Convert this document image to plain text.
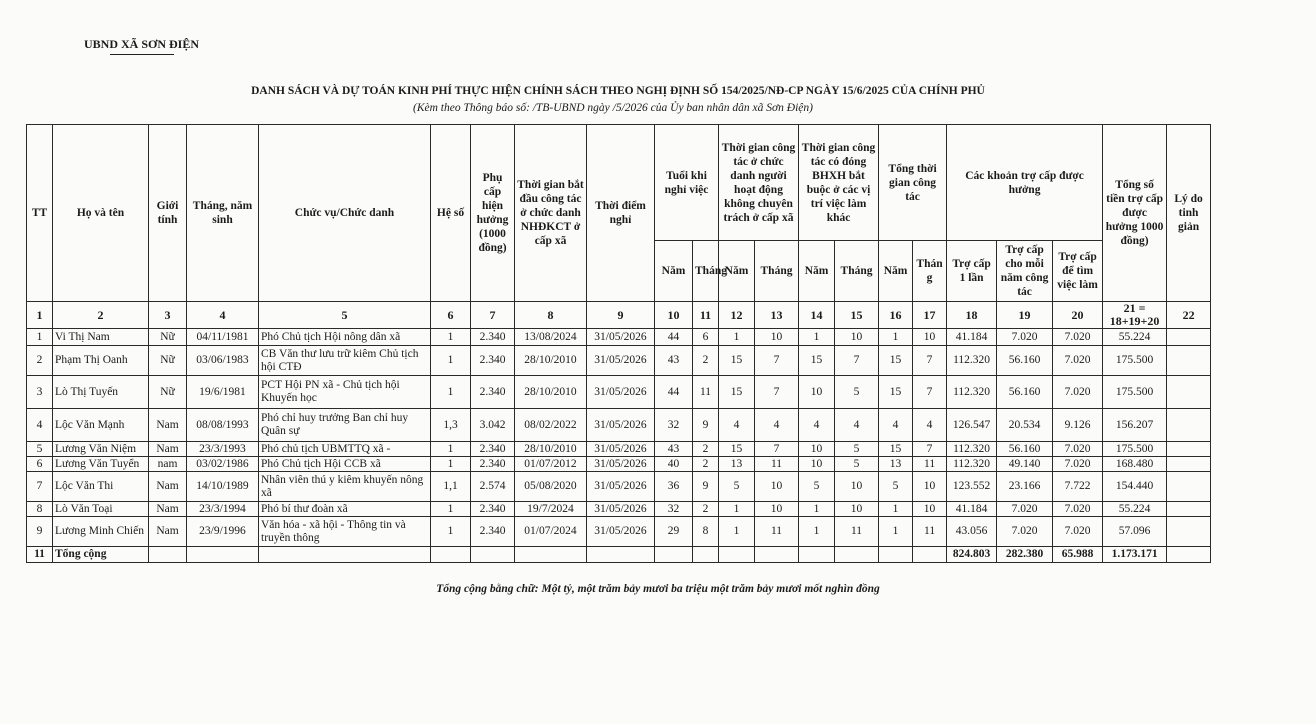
UBND XÃ SƠN ĐIỆN
DANH SÁCH VÀ DỰ TOÁN KINH PHÍ THỰC HIỆN CHÍNH SÁCH THEO NGHỊ ĐỊNH SỐ 154/2025/NĐ-CP NGÀY 15/6/2025 CỦA CHÍNH PHỦ
(Kèm theo Thông báo số: /TB-UBND ngày /5/2026 của Ủy ban nhân dân xã Sơn Điện)
TT	Họ và tên	Giới tính	Tháng, năm sinh	Chức vụ/Chức danh	Hệ số	Phụ cấp hiện hưởng (1000 đồng)	Thời gian bắt đầu công tác ở chức danh NHĐKCT ở cấp xã	Thời điểm nghỉ	Tuổi khi nghỉ việc		Thời gian công tác ở chức danh người hoạt động không chuyên trách ở cấp xã		Thời gian công tác có đóng BHXH bắt buộc ở các vị trí việc làm khác		Tổng thời gian công tác		Các khoản trợ cấp được hưởng			Tổng số tiền trợ cấp được hưởng 1000 đồng)	Lý do tinh giản
									Năm	Tháng	Năm	Tháng	Năm	Tháng	Năm	Thán g	Trợ cấp 1 lần	Trợ cấp cho mỗi năm công tác	Trợ cấp để tìm việc làm		
1	2	3	4	5	6	7	8	9	10	11	12	13	14	15	16	17	18	19	20	21 = 18+19+20	22
1	Vi Thị Nam	Nữ	04/11/1981	Phó Chủ tịch Hội nông dân xã	1	2.340	13/08/2024	31/05/2026	44	6	1	10	1	10	1	10	41.184	7.020	7.020	55.224	
2	Phạm Thị Oanh	Nữ	03/06/1983	CB Văn thư lưu trữ kiêm Chủ tịch hội CTĐ	1	2.340	28/10/2010	31/05/2026	43	2	15	7	15	7	15	7	112.320	56.160	7.020	175.500	
3	Lò Thị Tuyến	Nữ	19/6/1981	PCT Hội PN xã - Chủ tịch hội Khuyến học	1	2.340	28/10/2010	31/05/2026	44	11	15	7	10	5	15	7	112.320	56.160	7.020	175.500	
4	Lộc Văn Mạnh	Nam	08/08/1993	Phó chỉ huy trưởng Ban chỉ huy Quân sự	1,3	3.042	08/02/2022	31/05/2026	32	9	4	4	4	4	4	4	126.547	20.534	9.126	156.207	
5	Lương Văn Niệm	Nam	23/3/1993	Phó chủ tịch UBMTTQ xã -	1	2.340	28/10/2010	31/05/2026	43	2	15	7	10	5	15	7	112.320	56.160	7.020	175.500	
6	Lương Văn Tuyển	nam	03/02/1986	Phó Chủ tịch Hội CCB xã	1	2.340	01/07/2012	31/05/2026	40	2	13	11	10	5	13	11	112.320	49.140	7.020	168.480	
7	Lộc Văn Thi	Nam	14/10/1989	Nhân viên thú y kiêm khuyến nông xã	1,1	2.574	05/08/2020	31/05/2026	36	9	5	10	5	10	5	10	123.552	23.166	7.722	154.440	
8	Lò Văn Toại	Nam	23/3/1994	Phó bí thư đoàn xã	1	2.340	19/7/2024	31/05/2026	32	2	1	10	1	10	1	10	41.184	7.020	7.020	55.224	
9	Lương Minh Chiến	Nam	23/9/1996	Văn hóa - xã hội - Thông tin và truyền thông	1	2.340	01/07/2024	31/05/2026	29	8	1	11	1	11	1	11	43.056	7.020	7.020	57.096	
11	Tổng cộng																824.803	282.380	65.988	1.173.171	
Tổng cộng bằng chữ: Một tỷ, một trăm bảy mươi ba triệu một trăm bảy mươi mốt nghìn đồng
